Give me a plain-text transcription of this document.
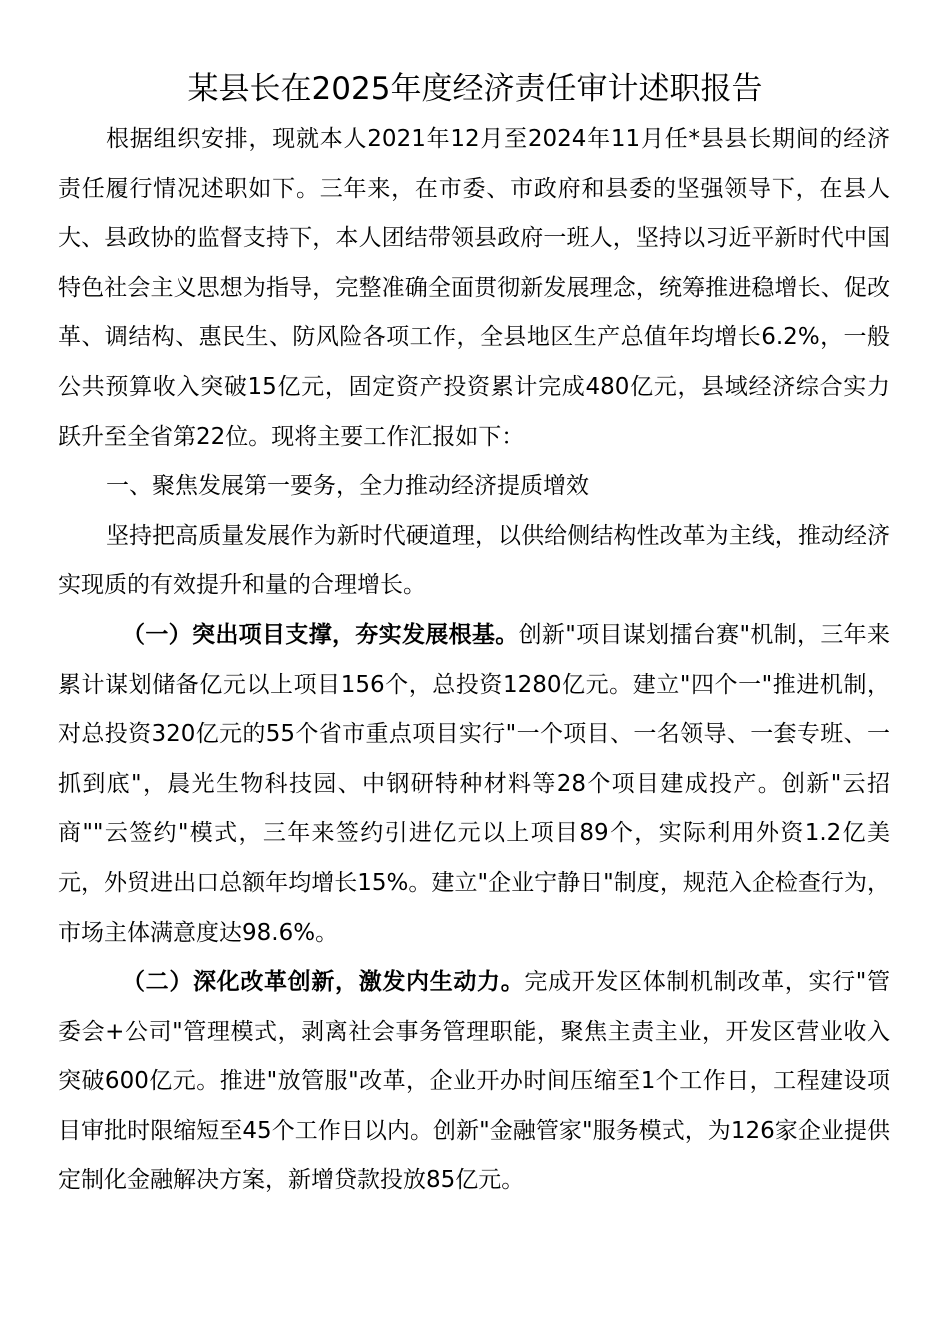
某县长在2025年度经济责任审计述职报告

根据组织安排，现就本人2021年12月至2024年11月任*县县长期间的经济责任履行情况述职如下。三年来，在市委、市政府和县委的坚强领导下，在县人大、县政协的监督支持下，本人团结带领县政府一班人，坚持以习近平新时代中国特色社会主义思想为指导，完整准确全面贯彻新发展理念，统筹推进稳增长、促改革、调结构、惠民生、防风险各项工作，全县地区生产总值年均增长6.2%，一般公共预算收入突破15亿元，固定资产投资累计完成480亿元，县域经济综合实力跃升至全省第22位。现将主要工作汇报如下：

一、聚焦发展第一要务，全力推动经济提质增效

坚持把高质量发展作为新时代硬道理，以供给侧结构性改革为主线，推动经济实现质的有效提升和量的合理增长。

（一）突出项目支撑，夯实发展根基。创新"项目谋划擂台赛"机制，三年来累计谋划储备亿元以上项目156个，总投资1280亿元。建立"四个一"推进机制，对总投资320亿元的55个省市重点项目实行"一个项目、一名领导、一套专班、一抓到底"，晨光生物科技园、中钢研特种材料等28个项目建成投产。创新"云招商""云签约"模式，三年来签约引进亿元以上项目89个，实际利用外资1.2亿美元，外贸进出口总额年均增长15%。建立"企业宁静日"制度，规范入企检查行为，市场主体满意度达98.6%。

（二）深化改革创新，激发内生动力。完成开发区体制机制改革，实行"管委会+公司"管理模式，剥离社会事务管理职能，聚焦主责主业，开发区营业收入突破600亿元。推进"放管服"改革，企业开办时间压缩至1个工作日，工程建设项目审批时限缩短至45个工作日以内。创新"金融管家"服务模式，为126家企业提供定制化金融解决方案，新增贷款投放85亿元。
